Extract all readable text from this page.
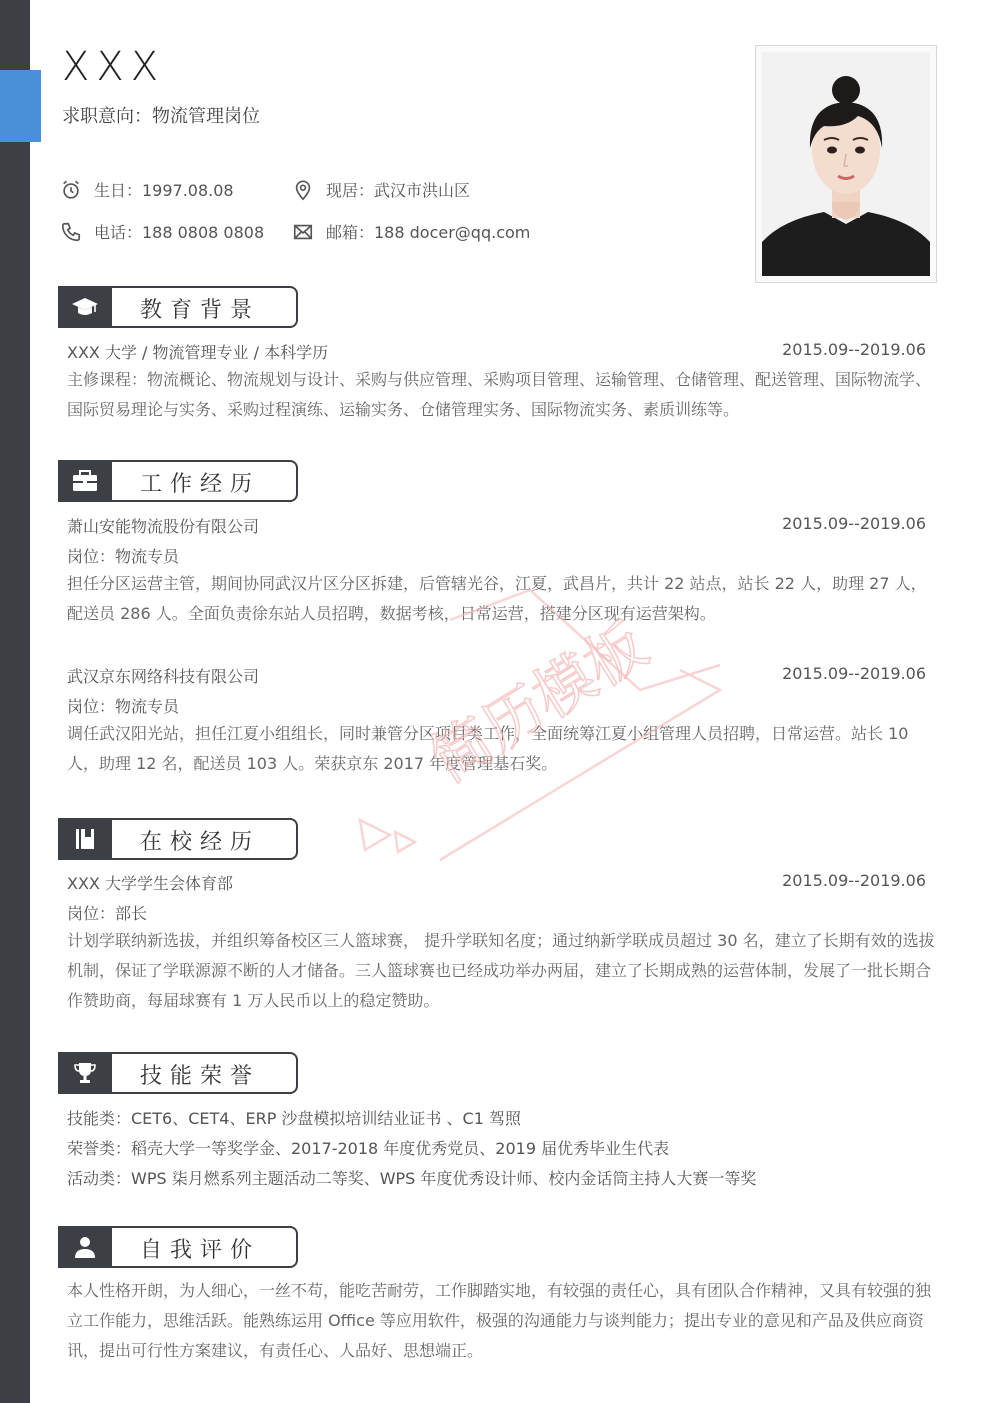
XXX
求职意向：物流管理岗位
生日：1997.08.08	现居：武汉市洪山区
电话：188 0808 0808	邮箱：188 docer@qq.com
教育背景
XXX 大学 / 物流管理专业 / 本科学历	2015.09--2019.06
主修课程：物流概论、物流规划与设计、采购与供应管理、采购项目管理、运输管理、仓储管理、配送管理、国际物流学、国际贸易理论与实务、采购过程演练、运输实务、仓储管理实务、国际物流实务、素质训练等。
工作经历
萧山安能物流股份有限公司	2015.09--2019.06
岗位：物流专员
担任分区运营主管，期间协同武汉片区分区拆建，后管辖光谷，江夏，武昌片，共计 22 站点，站长 22 人，助理 27 人，配送员 286 人。全面负责徐东站人员招聘，数据考核，日常运营，搭建分区现有运营架构。
武汉京东网络科技有限公司	2015.09--2019.06
岗位：物流专员
调任武汉阳光站，担任江夏小组组长，同时兼管分区项目类工作，全面统筹江夏小组管理人员招聘，日常运营。站长 10 人，助理 12 名，配送员 103 人。荣获京东 2017 年度管理基石奖。
在校经历
XXX 大学学生会体育部	2015.09--2019.06
岗位：部长
计划学联纳新选拔，并组织筹备校区三人篮球赛， 提升学联知名度；通过纳新学联成员超过 30 名，建立了长期有效的选拔机制，保证了学联源源不断的人才储备。三人篮球赛也已经成功举办两届，建立了长期成熟的运营体制，发展了一批长期合作赞助商，每届球赛有 1 万人民币以上的稳定赞助。
技能荣誉
技能类：CET6、CET4、ERP 沙盘模拟培训结业证书 、C1 驾照
荣誉类：稻壳大学一等奖学金、2017-2018 年度优秀党员、2019 届优秀毕业生代表
活动类：WPS 柒月燃系列主题活动二等奖、WPS 年度优秀设计师、校内金话筒主持人大赛一等奖
自我评价
本人性格开朗，为人细心，一丝不苟，能吃苦耐劳，工作脚踏实地，有较强的责任心，具有团队合作精神，又具有较强的独立工作能力，思维活跃。能熟练运用 Office 等应用软件，极强的沟通能力与谈判能力；提出专业的意见和产品及供应商资讯，提出可行性方案建议，有责任心、人品好、思想端正。
简历模板
